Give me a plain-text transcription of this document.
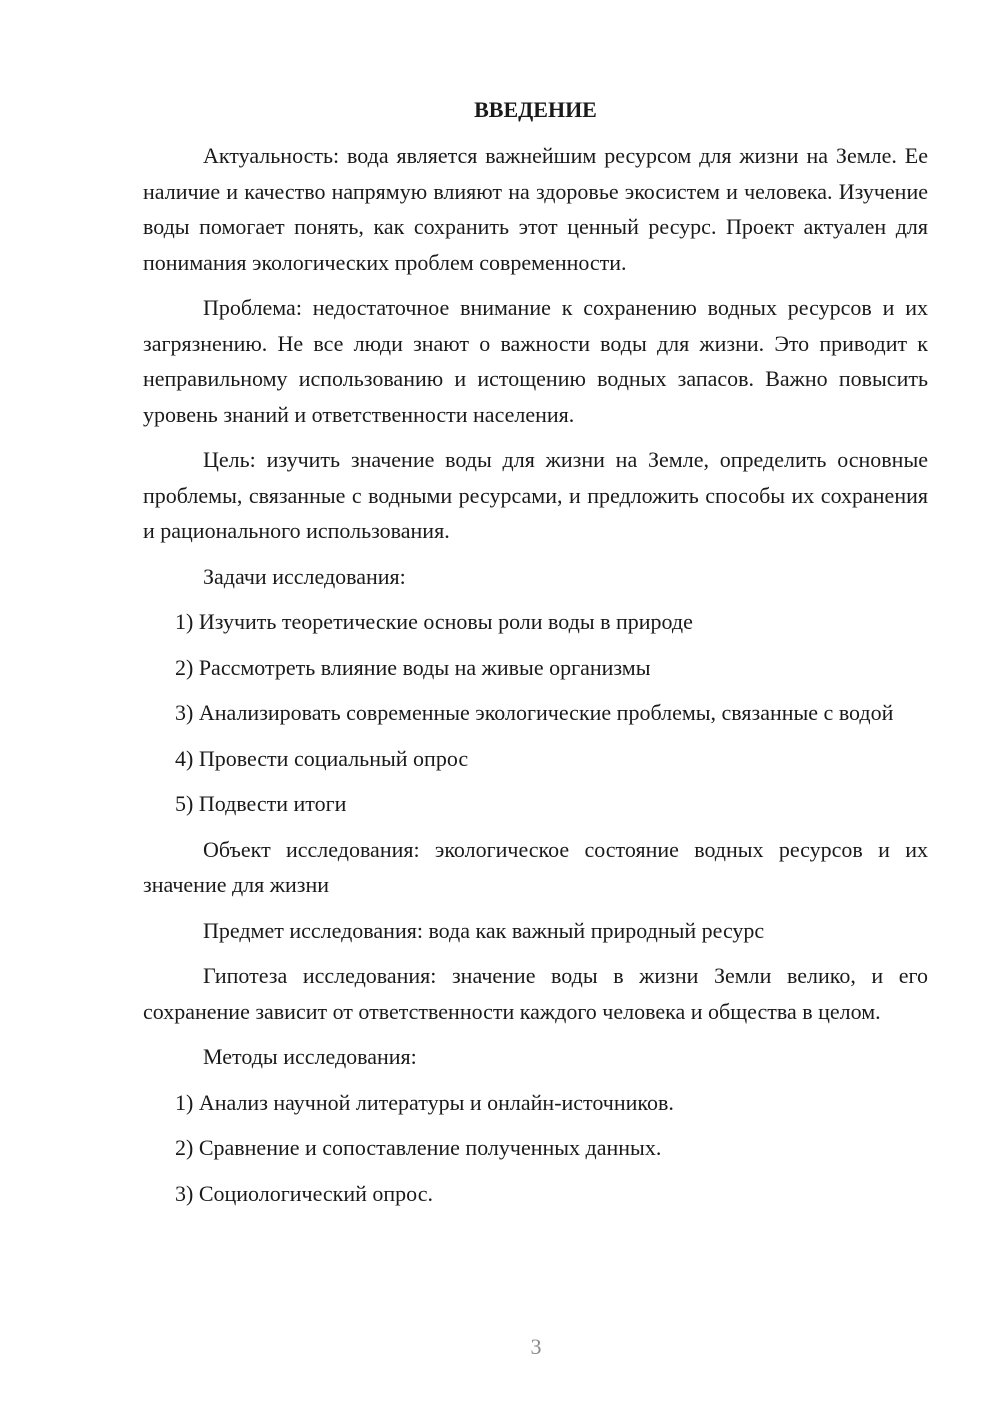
ВВЕДЕНИЕ

Актуальность: вода является важнейшим ресурсом для жизни на Земле. Ее наличие и качество напрямую влияют на здоровье экосистем и человека. Изучение воды помогает понять, как сохранить этот ценный ресурс. Проект актуален для понимания экологических проблем современности.

Проблема: недостаточное внимание к сохранению водных ресурсов и их загрязнению. Не все люди знают о важности воды для жизни. Это приводит к неправильному использованию и истощению водных запасов. Важно повысить уровень знаний и ответственности населения.

Цель: изучить значение воды для жизни на Земле, определить основные проблемы, связанные с водными ресурсами, и предложить способы их сохранения и рационального использования.

Задачи исследования:

1) Изучить теоретические основы роли воды в природе

2) Рассмотреть влияние воды на живые организмы

3) Анализировать современные экологические проблемы, связанные с водой

4) Провести социальный опрос

5) Подвести итоги

Объект исследования: экологическое состояние водных ресурсов и их значение для жизни

Предмет исследования: вода как важный природный ресурс

Гипотеза исследования: значение воды в жизни Земли велико, и его сохранение зависит от ответственности каждого человека и общества в целом.

Методы исследования:

1) Анализ научной литературы и онлайн-источников.

2) Сравнение и сопоставление полученных данных.

3) Социологический опрос.

3
